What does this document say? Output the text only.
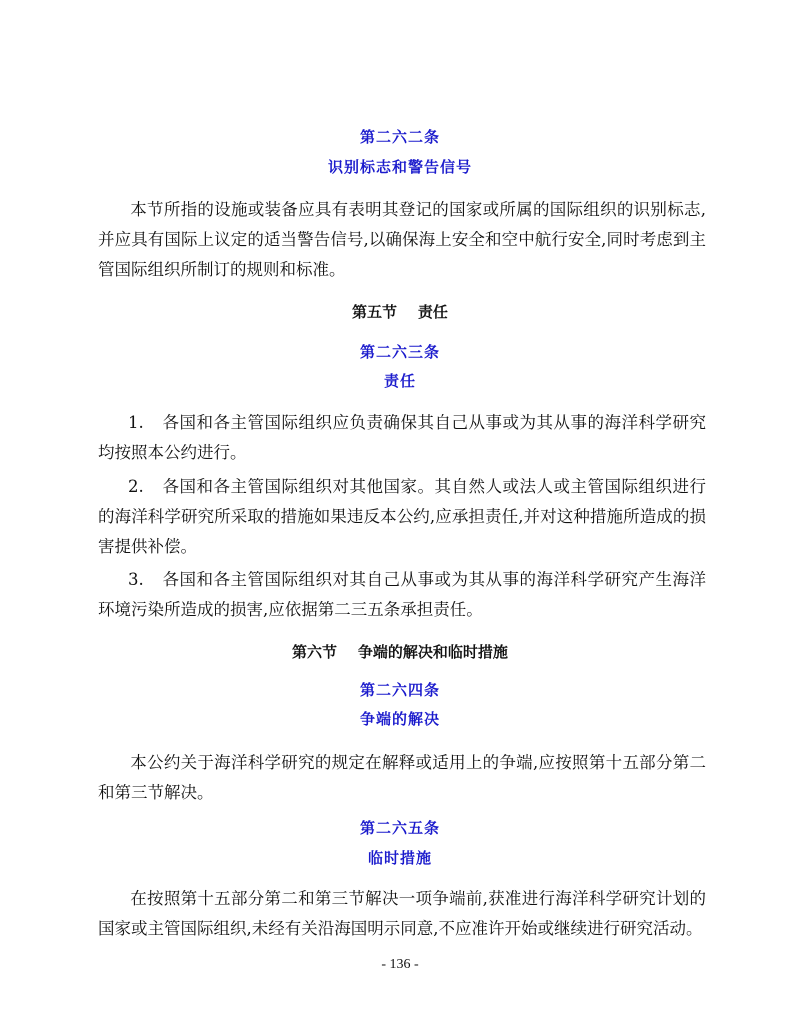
第二六二条
识别标志和警告信号
本节所指的设施或装备应具有表明其登记的国家或所属的国际组织的识别标志,并应具有国际上议定的适当警告信号,以确保海上安全和空中航行安全,同时考虑到主管国际组织所制订的规则和标准。
第五节    责任
第二六三条
责任
1. 各国和各主管国际组织应负责确保其自己从事或为其从事的海洋科学研究均按照本公约进行。
2. 各国和各主管国际组织对其他国家。其自然人或法人或主管国际组织进行的海洋科学研究所采取的措施如果违反本公约,应承担责任,并对这种措施所造成的损害提供补偿。
3. 各国和各主管国际组织对其自己从事或为其从事的海洋科学研究产生海洋环境污染所造成的损害,应依据第二三五条承担责任。
第六节    争端的解决和临时措施
第二六四条
争端的解决
本公约关于海洋科学研究的规定在解释或适用上的争端,应按照第十五部分第二和第三节解决。
第二六五条
临时措施
在按照第十五部分第二和第三节解决一项争端前,获准进行海洋科学研究计划的国家或主管国际组织,未经有关沿海国明示同意,不应准许开始或继续进行研究活动。
- 136 -
